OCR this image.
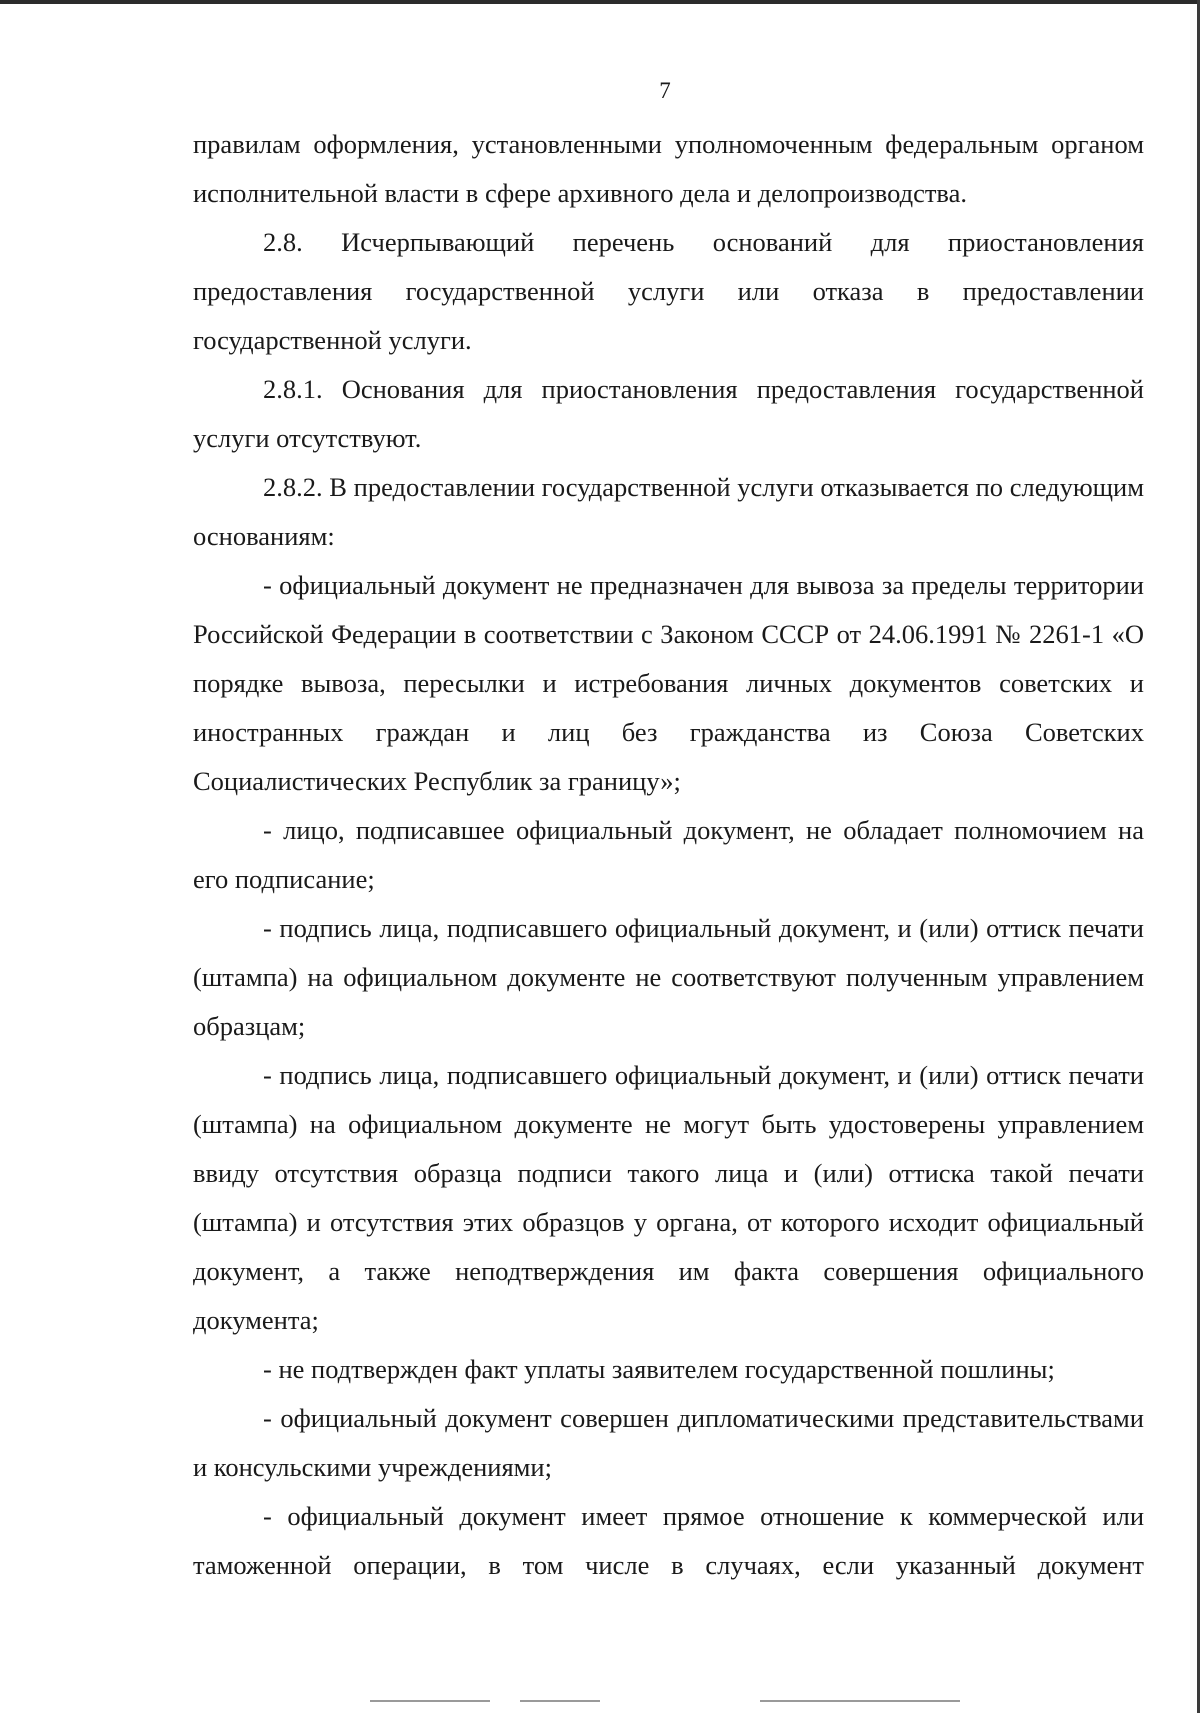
7

правилам оформления, установленными уполномоченным федеральным органом исполнительной власти в сфере архивного дела и делопроизводства.

2.8. Исчерпывающий перечень оснований для приостановления предоставления государственной услуги или отказа в предоставлении государственной услуги.

2.8.1. Основания для приостановления предоставления государственной услуги отсутствуют.

2.8.2. В предоставлении государственной услуги отказывается по следующим основаниям:

- официальный документ не предназначен для вывоза за пределы территории Российской Федерации в соответствии с Законом СССР от 24.06.1991 № 2261-1 «О порядке вывоза, пересылки и истребования личных документов советских и иностранных граждан и лиц без гражданства из Союза Советских Социалистических Республик за границу»;

- лицо, подписавшее официальный документ, не обладает полномочием на его подписание;

- подпись лица, подписавшего официальный документ, и (или) оттиск печати (штампа) на официальном документе не соответствуют полученным управлением образцам;

- подпись лица, подписавшего официальный документ, и (или) оттиск печати (штампа) на официальном документе не могут быть удостоверены управлением ввиду отсутствия образца подписи такого лица и (или) оттиска такой печати (штампа) и отсутствия этих образцов у органа, от которого исходит официальный документ, а также неподтверждения им факта совершения официального документа;

- не подтвержден факт уплаты заявителем государственной пошлины;

- официальный документ совершен дипломатическими представительствами и консульскими учреждениями;

- официальный документ имеет прямое отношение к коммерческой или таможенной операции, в том числе в случаях, если указанный документ
